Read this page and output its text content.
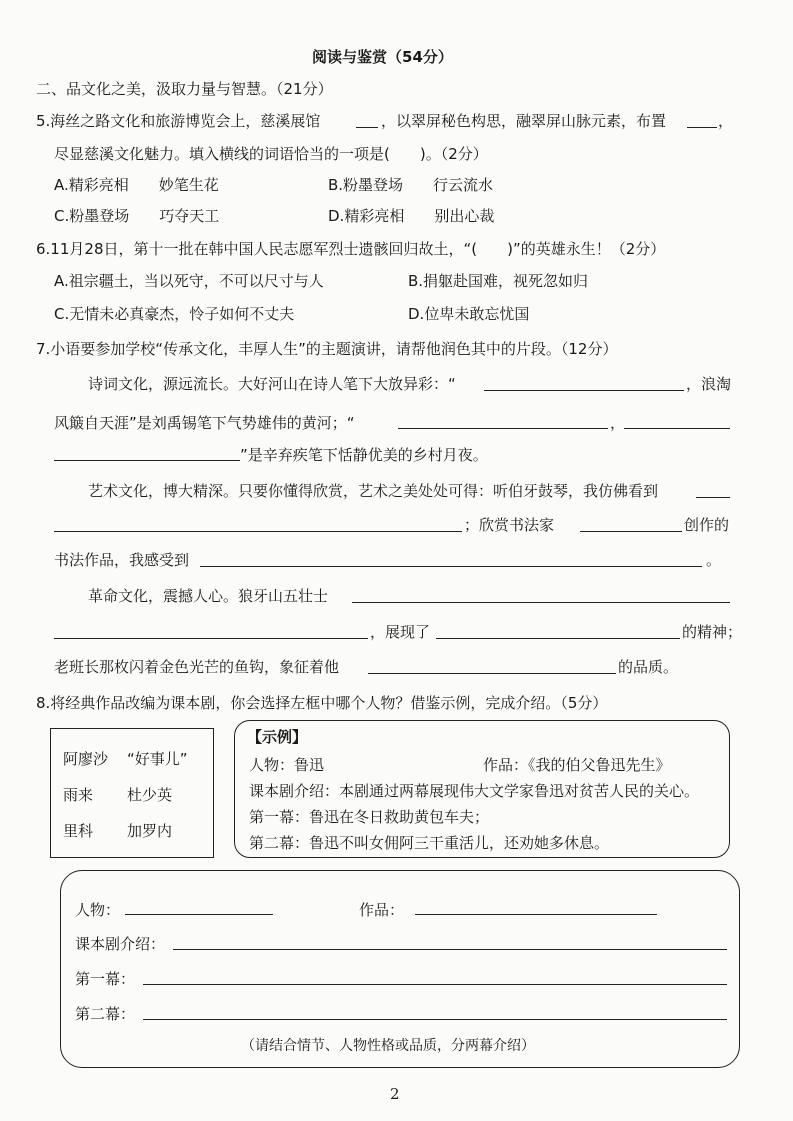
阅读与鉴赏（54分）
二、品文化之美，汲取力量与智慧。（21分）
5.海丝之路文化和旅游博览会上，慈溪展馆	，以翠屏秘色构思，融翠屏山脉元素，布置	，
尽显慈溪文化魅力。填入横线的词语恰当的一项是(　　)。（2分）
A.精彩亮相　　妙笔生花	B.粉墨登场　　行云流水
C.粉墨登场　　巧夺天工	D.精彩亮相　　别出心裁
6.11月28日，第十一批在韩中国人民志愿军烈士遗骸回归故土，“(　　)”的英雄永生！（2分）
A.祖宗疆土，当以死守，不可以尺寸与人	B.捐躯赴国难，视死忽如归
C.无情未必真豪杰，怜子如何不丈夫	D.位卑未敢忘忧国
7.小语要参加学校“传承文化，丰厚人生”的主题演讲，请帮他润色其中的片段。（12分）
诗词文化，源远流长。大好河山在诗人笔下大放异彩：“	，浪淘
风簸自天涯”是刘禹锡笔下气势雄伟的黄河；“	，
”是辛弃疾笔下恬静优美的乡村月夜。
艺术文化，博大精深。只要你懂得欣赏，艺术之美处处可得：听伯牙鼓琴，我仿佛看到
；欣赏书法家	创作的
书法作品，我感受到	。
革命文化，震撼人心。狼牙山五壮士
，展现了	的精神；
老班长那枚闪着金色光芒的鱼钩，象征着他	的品质。
8.将经典作品改编为课本剧，你会选择左框中哪个人物？借鉴示例，完成介绍。（5分）
阿廖沙 “好事儿”
雨来 杜少英
里科 加罗内
【示例】
人物：鲁迅	作品：《我的伯父鲁迅先生》
课本剧介绍：本剧通过两幕展现伟大文学家鲁迅对贫苦人民的关心。
第一幕：鲁迅在冬日救助黄包车夫；
第二幕：鲁迅不叫女佣阿三干重活儿，还劝她多休息。
人物：	作品：
课本剧介绍：
第一幕：
第二幕：
（请结合情节、人物性格或品质，分两幕介绍）
2
